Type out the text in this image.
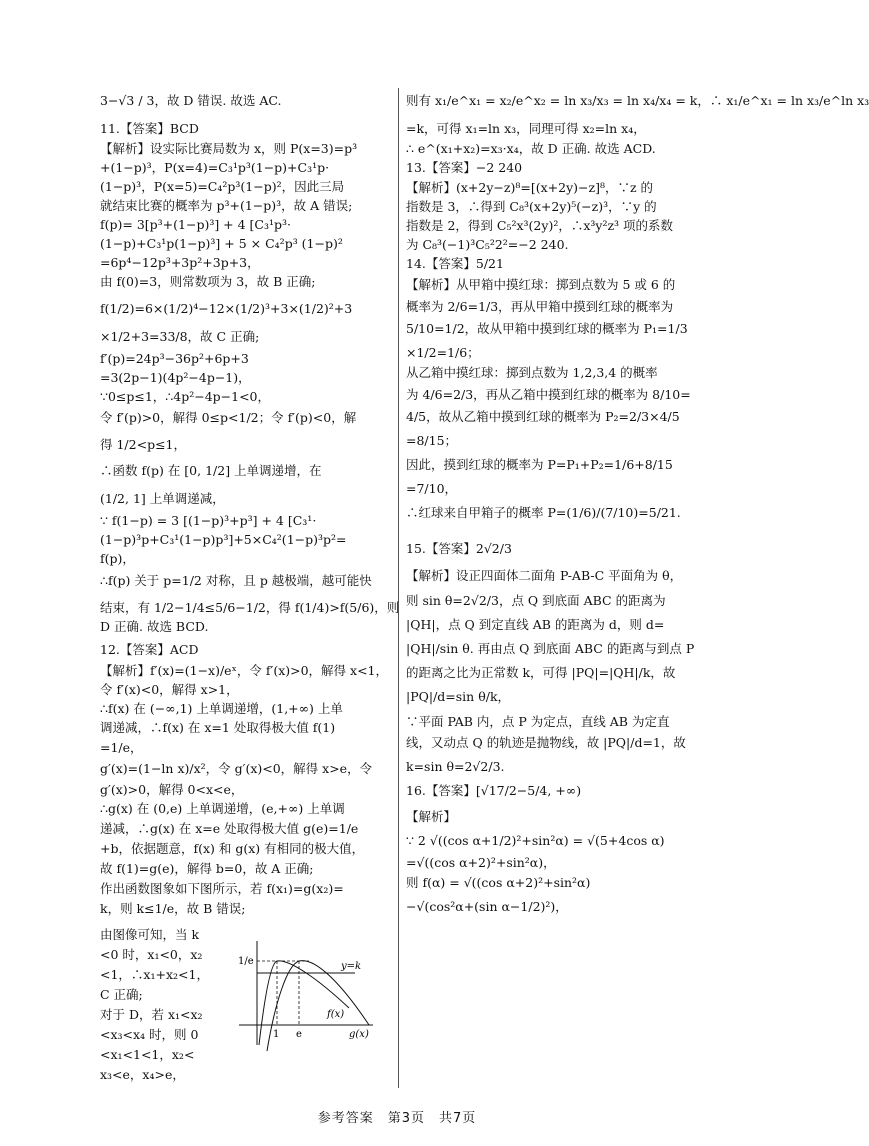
3−√3 / 3，故 D 错误. 故选 AC.
11.【答案】BCD
【解析】设实际比赛局数为 x，则 P(x=3)=p³
+(1−p)³，P(x=4)=C₃¹p³(1−p)+C₃¹p·
(1−p)³，P(x=5)=C₄²p³(1−p)²，因此三局
就结束比赛的概率为 p³+(1−p)³，故 A 错误;
f(p)= 3[p³+(1−p)³] + 4 [C₃¹p³·
(1−p)+C₃¹p(1−p)³] + 5 × C₄²p³ (1−p)²
=6p⁴−12p³+3p²+3p+3，
由 f(0)=3，则常数项为 3，故 B 正确;
f(1/2)=6×(1/2)⁴−12×(1/2)³+3×(1/2)²+3
×1/2+3=33/8，故 C 正确;
f′(p)=24p³−36p²+6p+3
=3(2p−1)(4p²−4p−1)，
∵0≤p≤1，∴4p²−4p−1<0，
令 f′(p)>0，解得 0≤p<1/2；令 f′(p)<0，解
得 1/2<p≤1，
∴函数 f(p) 在 [0, 1/2] 上单调递增，在
(1/2, 1] 上单调递减，
∵ f(1−p) = 3 [(1−p)³+p³] + 4 [C₃¹·
(1−p)³p+C₃¹(1−p)p³]+5×C₄²(1−p)³p²=
f(p)，
∴f(p) 关于 p=1/2 对称，且 p 越极端，越可能快
结束，有 1/2−1/4≤5/6−1/2，得 f(1/4)>f(5/6)，则
D 正确. 故选 BCD.
12.【答案】ACD
【解析】f′(x)=(1−x)/eˣ，令 f′(x)>0，解得 x<1，
令 f′(x)<0，解得 x>1，
∴f(x) 在 (−∞,1) 上单调递增，(1,+∞) 上单
调递减，∴f(x) 在 x=1 处取得极大值 f(1)
=1/e，
g′(x)=(1−ln x)/x²，令 g′(x)<0，解得 x>e，令
g′(x)>0，解得 0<x<e，
∴g(x) 在 (0,e) 上单调递增，(e,+∞) 上单调
递减，∴g(x) 在 x=e 处取得极大值 g(e)=1/e
+b，依据题意，f(x) 和 g(x) 有相同的极大值，
故 f(1)=g(e)，解得 b=0，故 A 正确;
作出函数图象如下图所示，若 f(x₁)=g(x₂)=
k，则 k≤1/e，故 B 错误;
由图像可知，当 k
<0 时，x₁<0，x₂
<1，∴x₁+x₂<1，
C 正确;
对于 D，若 x₁<x₂
<x₃<x₄ 时，则 0
<x₁<1<1，x₂<
x₃<e，x₄>e，
则有 x₁/e^x₁ = x₂/e^x₂ = ln x₃/x₃ = ln x₄/x₄ = k，∴ x₁/e^x₁ = ln x₃/e^ln x₃
=k，可得 x₁=ln x₃，同理可得 x₂=ln x₄，
∴ e^(x₁+x₂)=x₃·x₄，故 D 正确. 故选 ACD.
13.【答案】−2 240
【解析】(x+2y−z)⁸=[(x+2y)−z]⁸，∵z 的
指数是 3，∴得到 C₈³(x+2y)⁵(−z)³，∵y 的
指数是 2，得到 C₅²x³(2y)²，∴x³y²z³ 项的系数
为 C₈³(−1)³C₅²2²=−2 240.
14.【答案】5/21
【解析】从甲箱中摸红球：掷到点数为 5 或 6 的
概率为 2/6=1/3，再从甲箱中摸到红球的概率为
5/10=1/2，故从甲箱中摸到红球的概率为 P₁=1/3
×1/2=1/6；
从乙箱中摸红球：掷到点数为 1,2,3,4 的概率
为 4/6=2/3，再从乙箱中摸到红球的概率为 8/10=
4/5，故从乙箱中摸到红球的概率为 P₂=2/3×4/5
=8/15；
因此，摸到红球的概率为 P=P₁+P₂=1/6+8/15
=7/10，
∴红球来自甲箱子的概率 P=(1/6)/(7/10)=5/21.
15.【答案】2√2/3
【解析】设正四面体二面角 P-AB-C 平面角为 θ，
则 sin θ=2√2/3，点 Q 到底面 ABC 的距离为
|QH|，点 Q 到定直线 AB 的距离为 d，则 d=
|QH|/sin θ. 再由点 Q 到底面 ABC 的距离与到点 P
的距离之比为正常数 k，可得 |PQ|=|QH|/k，故
|PQ|/d=sin θ/k，
∵平面 PAB 内，点 P 为定点，直线 AB 为定直
线，又动点 Q 的轨迹是抛物线，故 |PQ|/d=1，故
k=sin θ=2√2/3.
16.【答案】[√17/2−5/4, +∞)
【解析】
∵ 2 √((cos α+1/2)²+sin²α) = √(5+4cos α)
=√((cos α+2)²+sin²α)，
则 f(α) = √((cos α+2)²+sin²α)
−√(cos²α+(sin α−1/2)²)，
1/e
1 e
y=k
f(x)
g(x)
参考答案　第3页　共7页
